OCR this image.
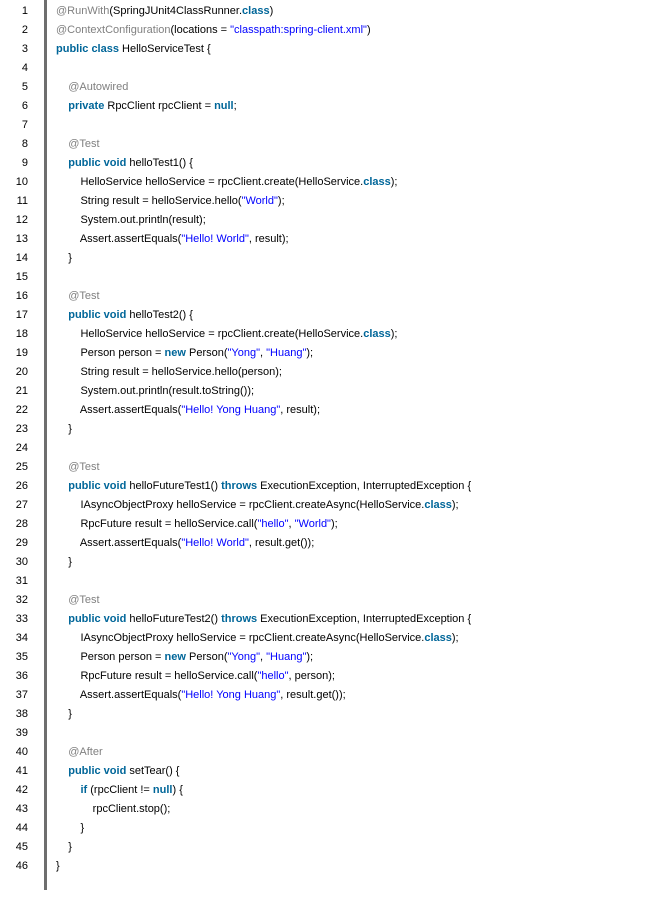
1	@RunWith(SpringJUnit4ClassRunner.class)
2	@ContextConfiguration(locations = "classpath:spring-client.xml")
3	public class HelloServiceTest {
4
5	@Autowired
6	private RpcClient rpcClient = null;
7
8	@Test
9	public void helloTest1() {
10	HelloService helloService = rpcClient.create(HelloService.class);
11	String result = helloService.hello("World");
12	System.out.println(result);
13	Assert.assertEquals("Hello! World", result);
14	}
15
16	@Test
17	public void helloTest2() {
18	HelloService helloService = rpcClient.create(HelloService.class);
19	Person person = new Person("Yong", "Huang");
20	String result = helloService.hello(person);
21	System.out.println(result.toString());
22	Assert.assertEquals("Hello! Yong Huang", result);
23	}
24
25	@Test
26	public void helloFutureTest1() throws ExecutionException, InterruptedException {
27	IAsyncObjectProxy helloService = rpcClient.createAsync(HelloService.class);
28	RpcFuture result = helloService.call("hello", "World");
29	Assert.assertEquals("Hello! World", result.get());
30	}
31
32	@Test
33	public void helloFutureTest2() throws ExecutionException, InterruptedException {
34	IAsyncObjectProxy helloService = rpcClient.createAsync(HelloService.class);
35	Person person = new Person("Yong", "Huang");
36	RpcFuture result = helloService.call("hello", person);
37	Assert.assertEquals("Hello! Yong Huang", result.get());
38	}
39
40	@After
41	public void setTear() {
42	if (rpcClient != null) {
43	rpcClient.stop();
44	}
45	}
46	}
